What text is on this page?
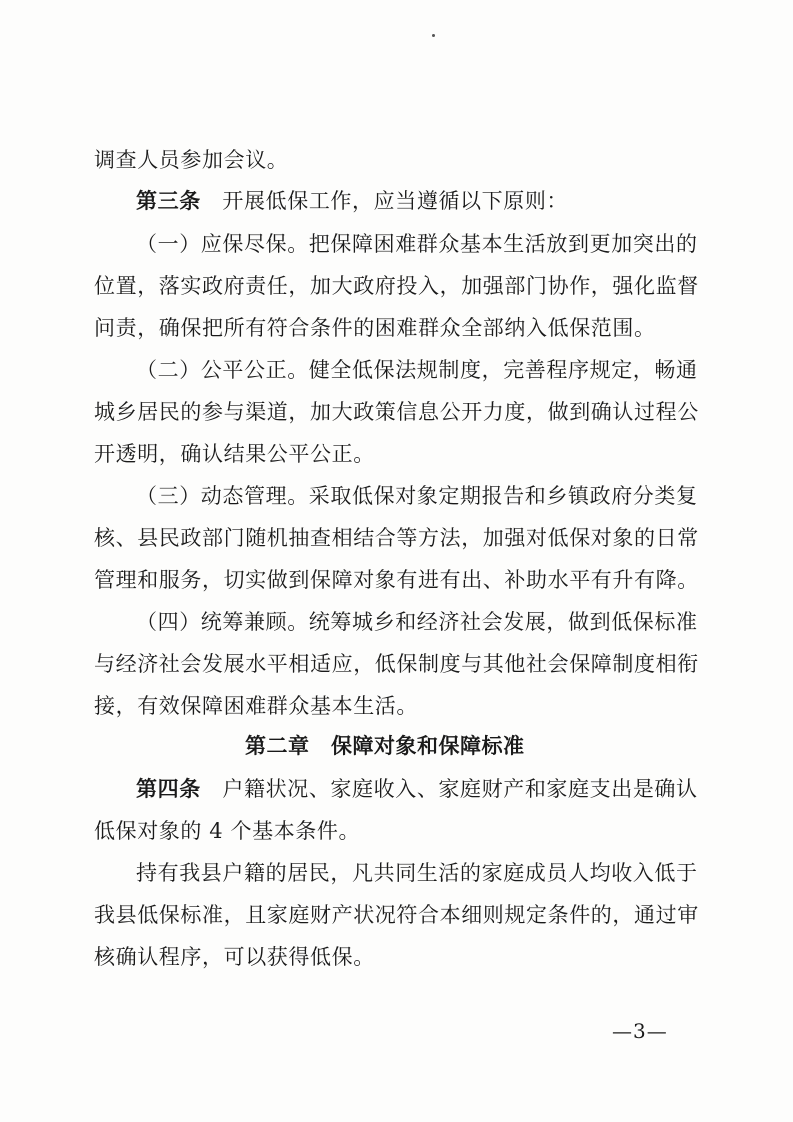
调查人员参加会议。
第三条　 开展低保工作，应当遵循以下原则：
（一）应保尽保。把保障困难群众基本生活放到更加突出的
位置，落实政府责任，加大政府投入，加强部门协作，强化监督
问责，确保把所有符合条件的困难群众全部纳入低保范围。
（二）公平公正。健全低保法规制度，完善程序规定，畅通
城乡居民的参与渠道，加大政策信息公开力度，做到确认过程公
开透明，确认结果公平公正。
（三）动态管理。采取低保对象定期报告和乡镇政府分类复
核、县民政部门随机抽查相结合等方法，加强对低保对象的日常
管理和服务，切实做到保障对象有进有出、补助水平有升有降。
（四）统筹兼顾。统筹城乡和经济社会发展，做到低保标准
与经济社会发展水平相适应，低保制度与其他社会保障制度相衔
接，有效保障困难群众基本生活。
第二章　保障对象和保障标准
第四条　 户籍状况、家庭收入、家庭财产和家庭支出是确认
低保对象的 4 个基本条件。
持有我县户籍的居民，凡共同生活的家庭成员人均收入低于
我县低保标准，且家庭财产状况符合本细则规定条件的，通过审
核确认程序，可以获得低保。
—3—
